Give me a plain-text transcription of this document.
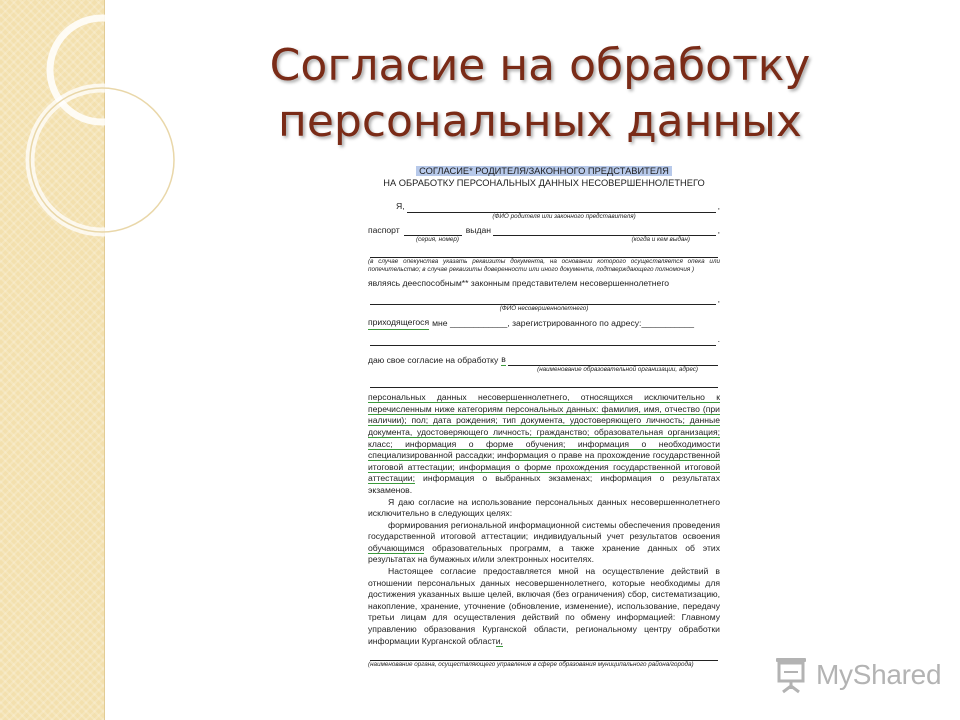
Согласие на обработку
персональных данных
СОГЛАСИЕ* РОДИТЕЛЯ/ЗАКОННОГО ПРЕДСТАВИТЕЛЯ
НА ОБРАБОТКУ ПЕРСОНАЛЬНЫХ ДАННЫХ НЕСОВЕРШЕННОЛЕТНЕГО
Я,	,
(ФИО родителя или законного представителя)
паспорт	выдан	,
(серия, номер)	(когда и кем выдан)
(в случае опекунства указать реквизиты документа, на основании которого осуществляется опека или попечительство; в случае реквизиты доверенности или иного документа, подтверждающего полномочия )
являясь дееспособным** законным представителем несовершеннолетнего
,
(ФИО несовершеннолетнего)
приходящегося мне ____________, зарегистрированного по адресу:___________
.
даю свое согласие на обработку в
(наименование образовательной организации, адрес)
персональных данных несовершеннолетнего, относящихся исключительно к перечисленным ниже категориям персональных данных: фамилия, имя, отчество (при наличии); пол; дата рождения; тип документа, удостоверяющего личность; данные документа, удостоверяющего личность; гражданство; образовательная организация; класс; информация о форме обучения; информация о необходимости специализированной рассадки; информация о праве на прохождение государственной итоговой аттестации; информация о форме прохождения государственной итоговой аттестации; информация о выбранных экзаменах; информация о результатах экзаменов.
Я даю согласие на использование персональных данных несовершеннолетнего исключительно в следующих целях:
формирования региональной информационной системы обеспечения проведения государственной итоговой аттестации; индивидуальный учет результатов освоения обучающимся образовательных программ, а также хранение данных об этих результатах на бумажных и/или электронных носителях.
Настоящее согласие предоставляется мной на осуществление действий в отношении персональных данных несовершеннолетнего, которые необходимы для достижения указанных выше целей, включая (без ограничения) сбор, систематизацию, накопление, хранение, уточнение (обновление, изменение), использование, передачу третьи лицам для осуществления действий по обмену информацией: Главному управлению образования Курганской области, региональному центру обработки информации Курганской области,
(наименование органа, осуществляющего управление в сфере образования муниципального района/города)	MyShared
